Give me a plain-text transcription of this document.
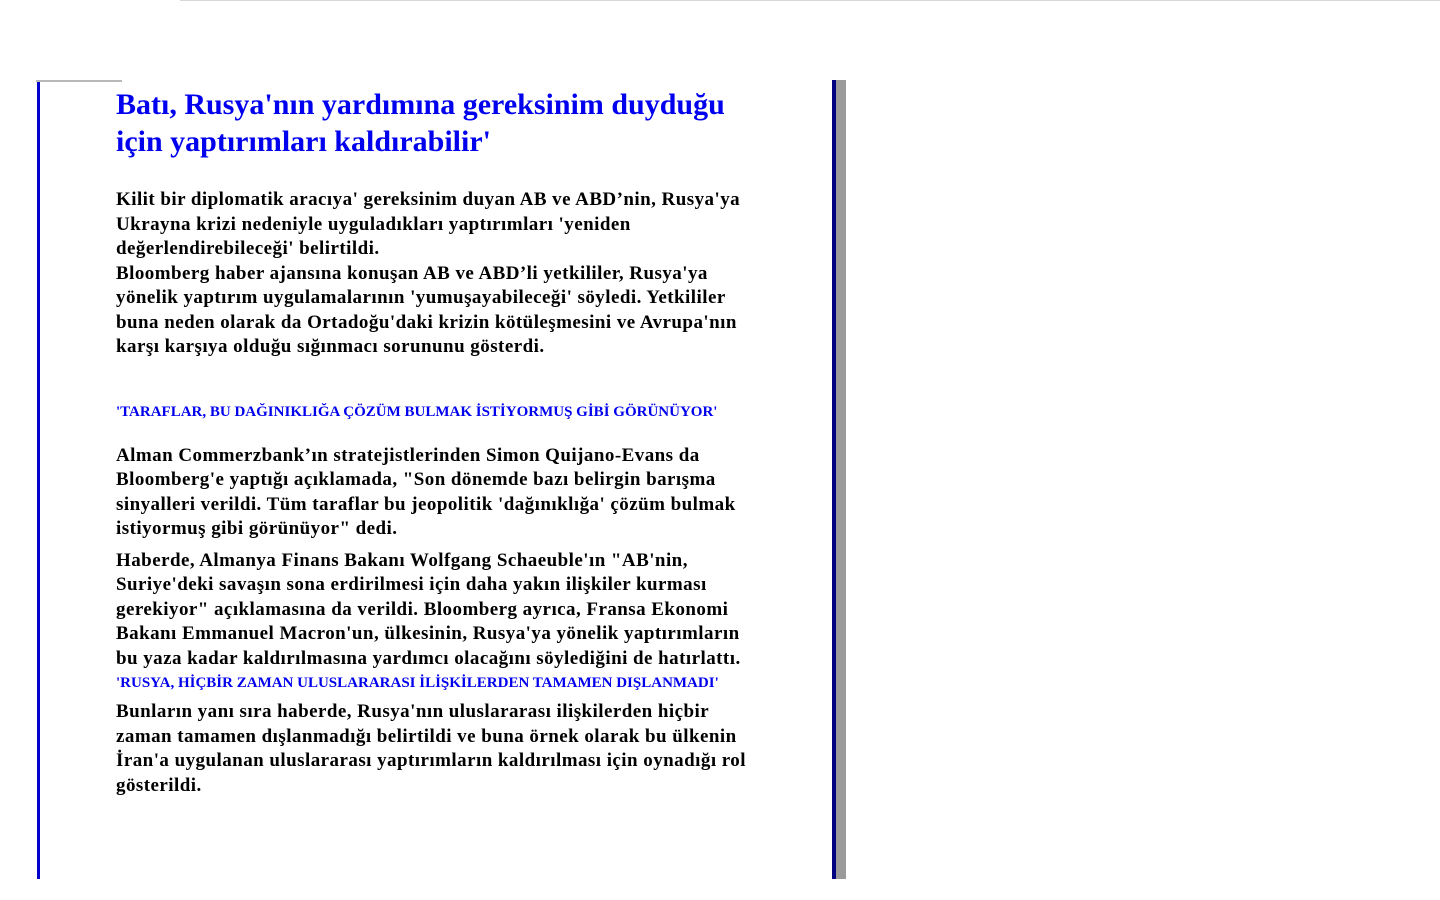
Batı, Rusya'nın yardımına gereksinim duyduğu için yaptırımları kaldırabilir'

Kilit bir diplomatik aracıya' gereksinim duyan AB ve ABD’nin, Rusya'ya Ukrayna krizi nedeniyle uyguladıkları yaptırımları 'yeniden değerlendirebileceği' belirtildi.

Bloomberg haber ajansına konuşan AB ve ABD’li yetkililer, Rusya'ya yönelik yaptırım uygulamalarının 'yumuşayabileceği' söyledi. Yetkililer buna neden olarak da Ortadoğu'daki krizin kötüleşmesini ve Avrupa'nın karşı karşıya olduğu sığınmacı sorununu gösterdi.

'TARAFLAR, BU DAĞINIKLIĞA ÇÖZÜM BULMAK İSTİYORMUŞ GİBİ GÖRÜNÜYOR'

Alman Commerzbank’ın stratejistlerinden Simon Quijano-Evans da Bloomberg'e yaptığı açıklamada, "Son dönemde bazı belirgin barışma sinyalleri verildi. Tüm taraflar bu jeopolitik 'dağınıklığa' çözüm bulmak istiyormuş gibi görünüyor" dedi.

Haberde, Almanya Finans Bakanı Wolfgang Schaeuble'ın "AB'nin, Suriye'deki savaşın sona erdirilmesi için daha yakın ilişkiler kurması gerekiyor" açıklamasına da verildi. Bloomberg ayrıca, Fransa Ekonomi Bakanı Emmanuel Macron'un, ülkesinin, Rusya'ya yönelik yaptırımların bu yaza kadar kaldırılmasına yardımcı olacağını söylediğini de hatırlattı.

'RUSYA, HİÇBİR ZAMAN ULUSLARARASI İLİŞKİLERDEN TAMAMEN DIŞLANMADI'

Bunların yanı sıra haberde, Rusya'nın uluslararası ilişkilerden hiçbir zaman tamamen dışlanmadığı belirtildi ve buna örnek olarak bu ülkenin İran'a uygulanan uluslararası yaptırımların kaldırılması için oynadığı rol gösterildi.
